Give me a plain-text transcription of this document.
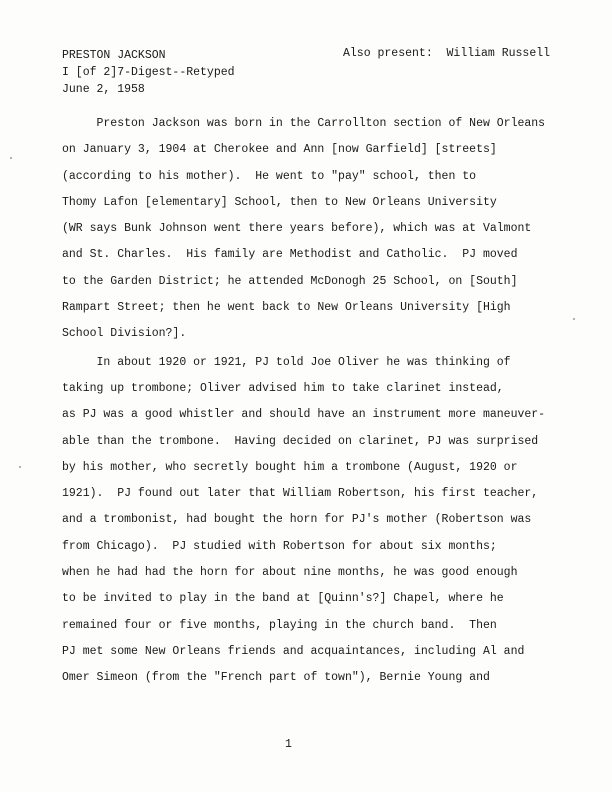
PRESTON JACKSON
I [of 2]7-Digest--Retyped
June 2, 1958
Also present:  William Russell
Preston Jackson was born in the Carrollton section of New Orleans
on January 3, 1904 at Cherokee and Ann [now Garfield] [streets]
(according to his mother).  He went to "pay" school, then to
Thomy Lafon [elementary] School, then to New Orleans University
(WR says Bunk Johnson went there years before), which was at Valmont
and St. Charles.  His family are Methodist and Catholic.  PJ moved
to the Garden District; he attended McDonogh 25 School, on [South]
Rampart Street; then he went back to New Orleans University [High
School Division?].
In about 1920 or 1921, PJ told Joe Oliver he was thinking of
taking up trombone; Oliver advised him to take clarinet instead,
as PJ was a good whistler and should have an instrument more maneuver-
able than the trombone.  Having decided on clarinet, PJ was surprised
by his mother, who secretly bought him a trombone (August, 1920 or
1921).  PJ found out later that William Robertson, his first teacher,
and a trombonist, had bought the horn for PJ's mother (Robertson was
from Chicago).  PJ studied with Robertson for about six months;
when he had had the horn for about nine months, he was good enough
to be invited to play in the band at [Quinn's?] Chapel, where he
remained four or five months, playing in the church band.  Then
PJ met some New Orleans friends and acquaintances, including Al and
Omer Simeon (from the "French part of town"), Bernie Young and
1
